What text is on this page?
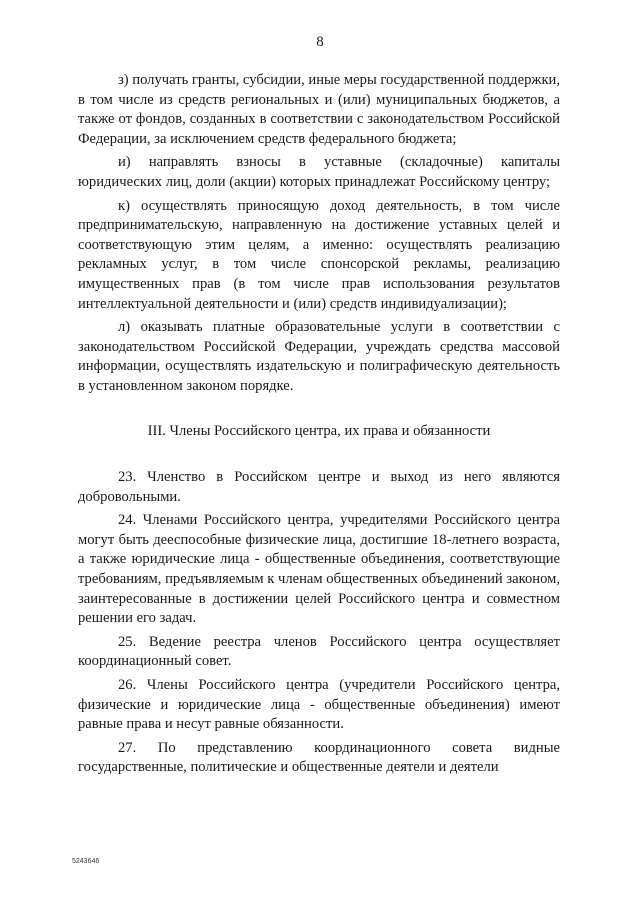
8

з) получать гранты, субсидии, иные меры государственной поддержки, в том числе из средств региональных и (или) муниципальных бюджетов, а также от фондов, созданных в соответствии с законодательством Российской Федерации, за исключением средств федерального бюджета;

и) направлять взносы в уставные (складочные) капиталы юридических лиц, доли (акции) которых принадлежат Российскому центру;

к) осуществлять приносящую доход деятельность, в том числе предпринимательскую, направленную на достижение уставных целей и соответствующую этим целям, а именно: осуществлять реализацию рекламных услуг, в том числе спонсорской рекламы, реализацию имущественных прав (в том числе прав использования результатов интеллектуальной деятельности и (или) средств индивидуализации);

л) оказывать платные образовательные услуги в соответствии с законодательством Российской Федерации, учреждать средства массовой информации, осуществлять издательскую и полиграфическую деятельность в установленном законом порядке.

III. Члены Российского центра, их права и обязанности

23. Членство в Российском центре и выход из него являются добровольными.

24. Членами Российского центра, учредителями Российского центра могут быть дееспособные физические лица, достигшие 18-летнего возраста, а также юридические лица - общественные объединения, соответствующие требованиям, предъявляемым к членам общественных объединений законом, заинтересованные в достижении целей Российского центра и совместном решении его задач.

25. Ведение реестра членов Российского центра осуществляет координационный совет.

26. Члены Российского центра (учредители Российского центра, физические и юридические лица - общественные объединения) имеют равные права и несут равные обязанности.

27. По представлению координационного совета видные государственные, политические и общественные деятели и деятели

5243646
